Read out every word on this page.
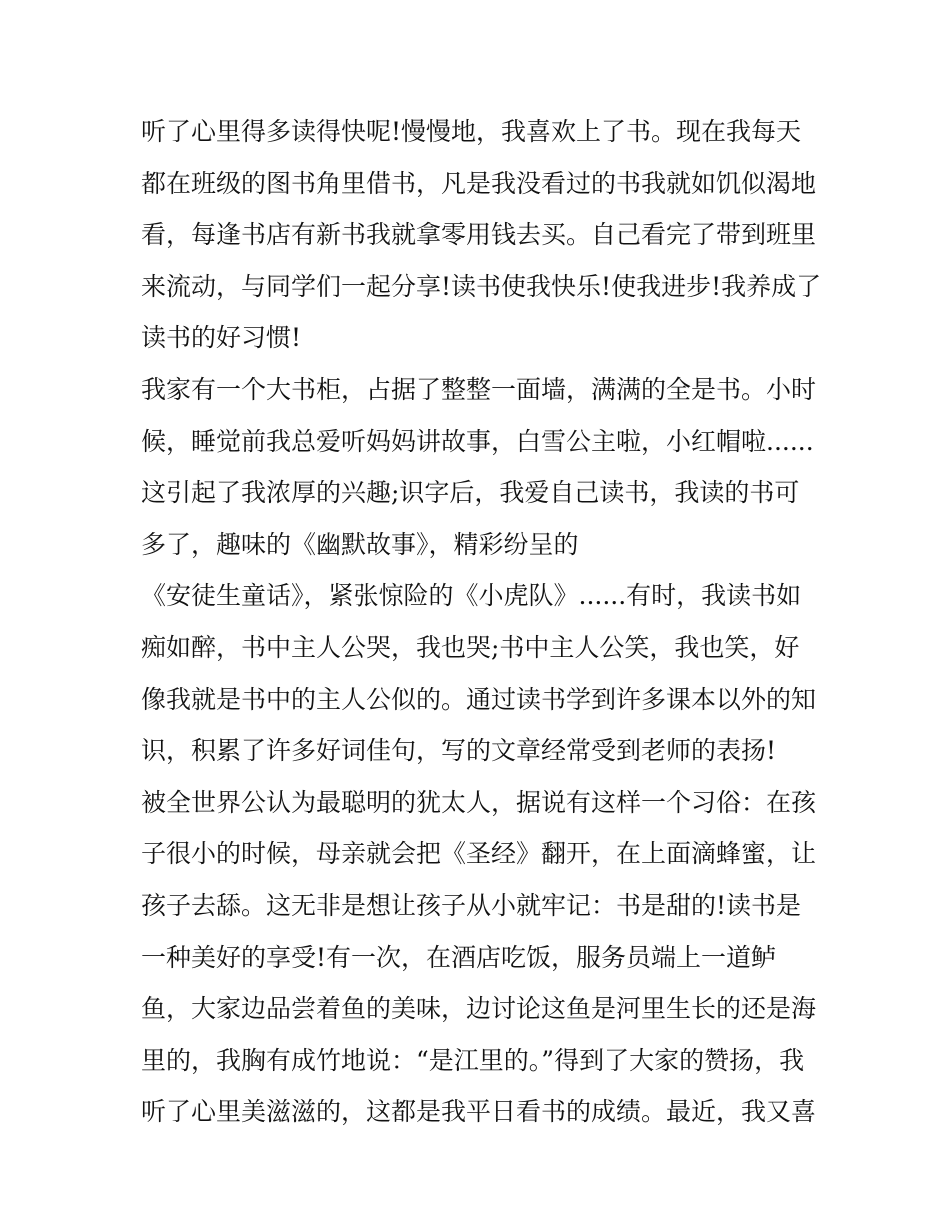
听了心里得多读得快呢!慢慢地，我喜欢上了书。现在我每天
都在班级的图书角里借书，凡是我没看过的书我就如饥似渴地
看，每逢书店有新书我就拿零用钱去买。自己看完了带到班里
来流动，与同学们一起分享!读书使我快乐!使我进步!我养成了
读书的好习惯!
我家有一个大书柜，占据了整整一面墙，满满的全是书。小时
候，睡觉前我总爱听妈妈讲故事，白雪公主啦，小红帽啦......
这引起了我浓厚的兴趣;识字后，我爱自己读书，我读的书可
多了，趣味的《幽默故事》，精彩纷呈的
《安徒生童话》，紧张惊险的《小虎队》......有时，我读书如
痴如醉，书中主人公哭，我也哭;书中主人公笑，我也笑，好
像我就是书中的主人公似的。通过读书学到许多课本以外的知
识，积累了许多好词佳句，写的文章经常受到老师的表扬!
被全世界公认为最聪明的犹太人，据说有这样一个习俗：在孩
子很小的时候，母亲就会把《圣经》翻开，在上面滴蜂蜜，让
孩子去舔。这无非是想让孩子从小就牢记：书是甜的!读书是
一种美好的享受!有一次，在酒店吃饭，服务员端上一道鲈
鱼，大家边品尝着鱼的美味，边讨论这鱼是河里生长的还是海
里的，我胸有成竹地说：“是江里的。”得到了大家的赞扬，我
听了心里美滋滋的，这都是我平日看书的成绩。最近，我又喜
